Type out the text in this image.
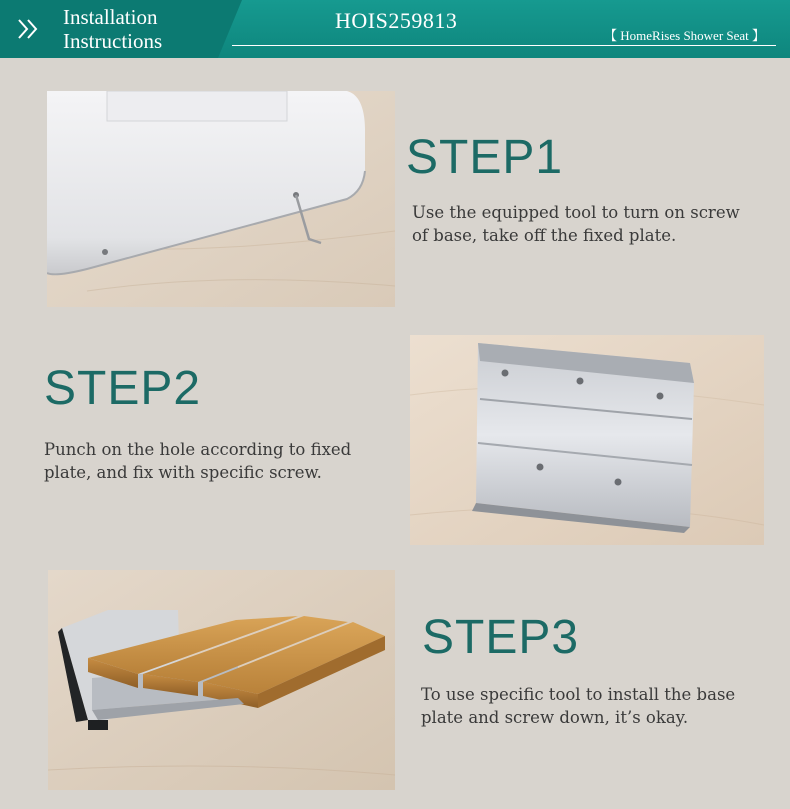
Installation
Instructions
HOIS259813
【 HomeRises Shower Seat 】
STEP1
Use the equipped tool to turn on screw
of base, take off the fixed plate.
STEP2
Punch on the hole according to fixed
plate, and fix with specific screw.
STEP3
To use specific tool to install the base
plate and screw down, it’s okay.
